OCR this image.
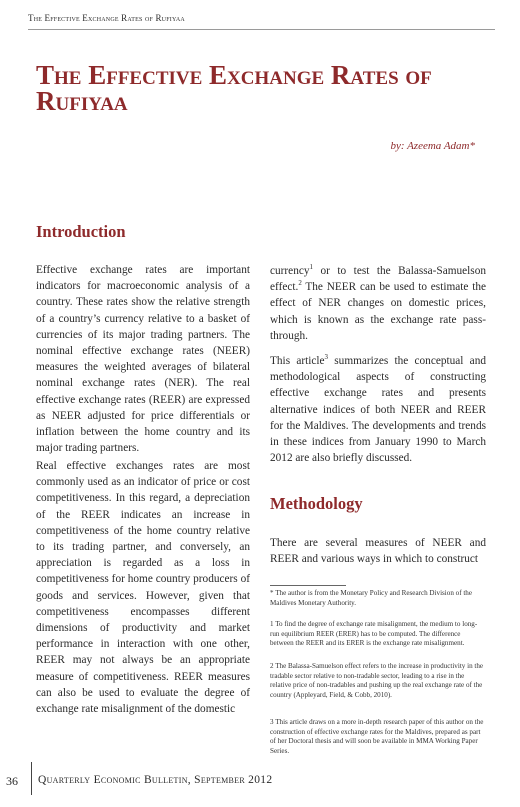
The Effective Exchange Rates of Rufiyaa
The Effective Exchange Rates of Rufiyaa
by: Azeema Adam*
Introduction

Effective exchange rates are important indicators for macroeconomic analysis of a country. These rates show the relative strength of a country’s currency relative to a basket of currencies of its major trading partners. The nominal effective exchange rates (NEER) measures the weighted averages of bilateral nominal exchange rates (NER). The real effective exchange rates (REER) are expressed as NEER adjusted for price differentials or inflation between the home country and its major trading partners.

Real effective exchanges rates are most commonly used as an indicator of price or cost competitiveness. In this regard, a depreciation of the REER indicates an increase in competitiveness of the home country relative to its trading partner, and conversely, an appreciation is regarded as a loss in competitiveness for home country producers of goods and services. However, given that competitiveness encompasses different dimensions of productivity and market performance in interaction with one other, REER may not always be an appropriate measure of competitiveness. REER measures can also be used to evaluate the degree of exchange rate misalignment of the domestic

currency$^1$ or to test the Balassa-Samuelson effect.$^2$ The NEER can be used to estimate the effect of NER changes on domestic prices, which is known as the exchange rate pass-through.

This article$^3$ summarizes the conceptual and methodological aspects of constructing effective exchange rates and presents alternative indices of both NEER and REER for the Maldives. The developments and trends in these indices from January 1990 to March 2012 are also briefly discussed.

Methodology

There are several measures of NEER and REER and various ways in which to construct

* The author is from the Monetary Policy and Research Division of the Maldives Monetary Authority.

1 To find the degree of exchange rate misalignment, the medium to long-run equilibrium REER (ERER) has to be computed. The difference between the REER and its ERER is the exchange rate misalignment.

2 The Balassa-Samuelson effect refers to the increase in productivity in the tradable sector relative to non-tradable sector, leading to a rise in the relative price of non-tradables and pushing up the real exchange rate of the country (Appleyard, Field, & Cobb, 2010).

3 This article draws on a more in-depth research paper of this author on the construction of effective exchange rates for the Maldives, prepared as part of her Doctoral thesis and will soon be available in MMA Working Paper Series.

36 Quarterly Economic Bulletin, September 2012
